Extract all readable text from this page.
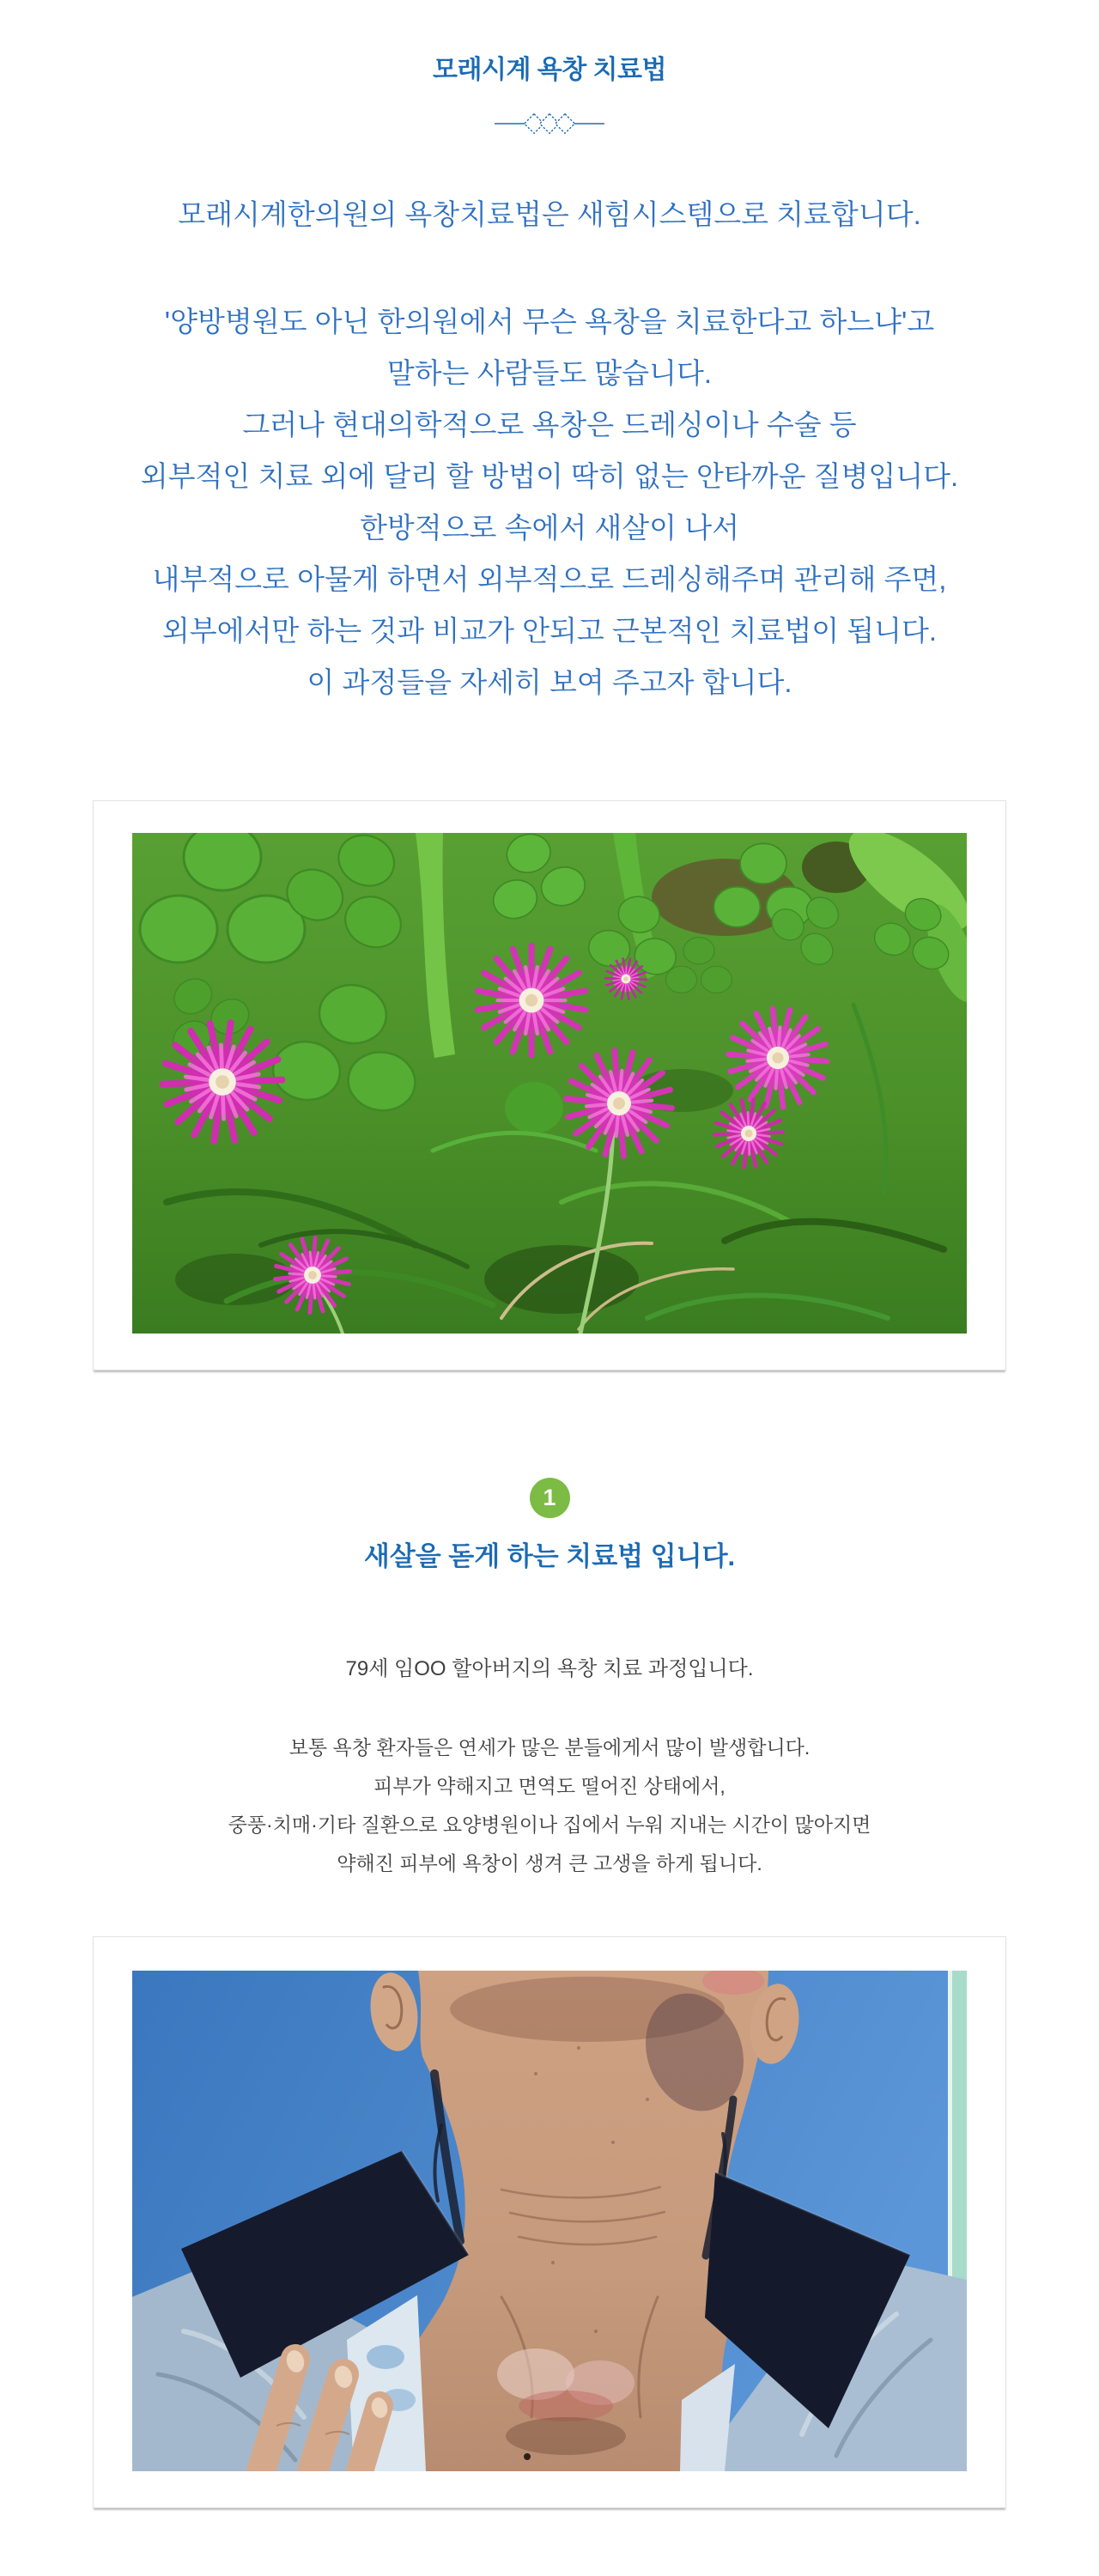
모래시계 욕창 치료법

모래시계한의원의 욕창치료법은 새힘시스템으로 치료합니다.

'양방병원도 아닌 한의원에서 무슨 욕창을 치료한다고 하느냐'고

말하는 사람들도 많습니다.

그러나 현대의학적으로 욕창은 드레싱이나 수술 등

외부적인 치료 외에 달리 할 방법이 딱히 없는 안타까운 질병입니다.

한방적으로 속에서 새살이 나서

내부적으로 아물게 하면서 외부적으로 드레싱해주며 관리해 주면,

외부에서만 하는 것과 비교가 안되고 근본적인 치료법이 됩니다.

이 과정들을 자세히 보여 주고자 합니다.

1
새살을 돋게 하는 치료법 입니다.

79세 임OO 할아버지의 욕창 치료 과정입니다.

보통 욕창 환자들은 연세가 많은 분들에게서 많이 발생합니다.

피부가 약해지고 면역도 떨어진 상태에서,

중풍·치매·기타 질환으로 요양병원이나 집에서 누워 지내는 시간이 많아지면

약해진 피부에 욕창이 생겨 큰 고생을 하게 됩니다.
